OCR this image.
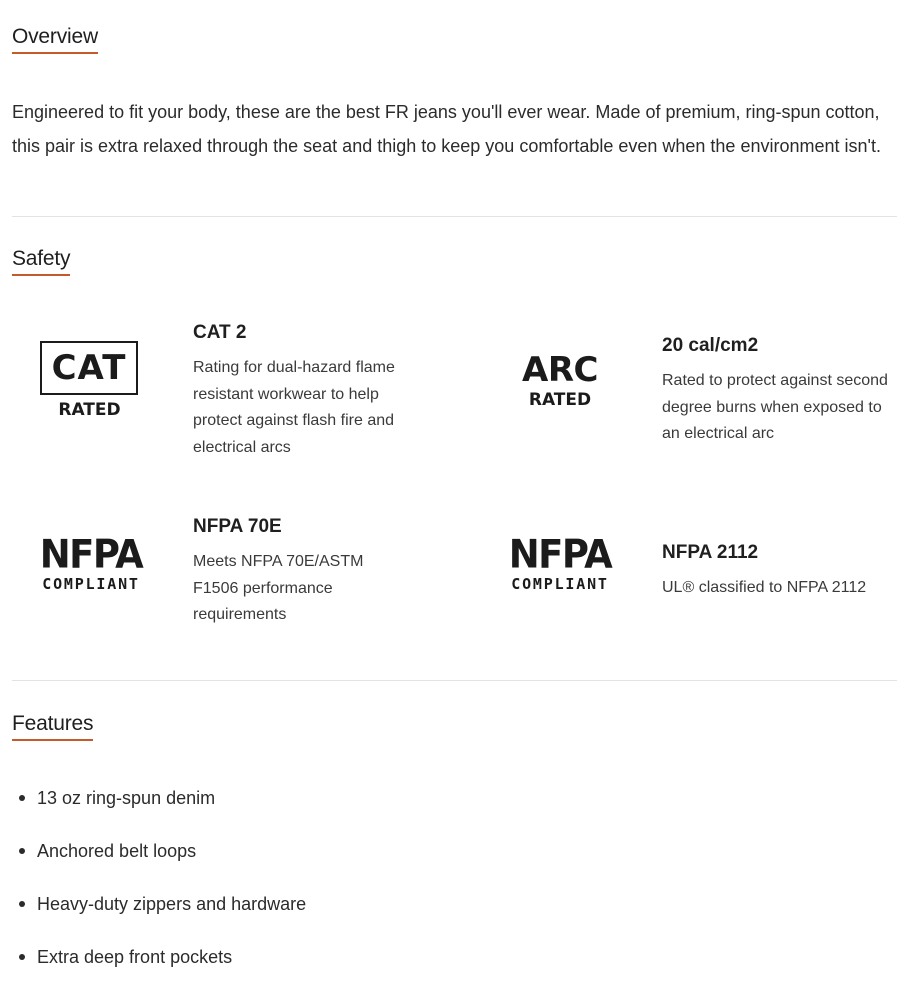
Overview

Engineered to fit your body, these are the best FR jeans you'll ever wear. Made of premium, ring-spun cotton, this pair is extra relaxed through the seat and thigh to keep you comfortable even when the environment isn't.

Safety
CAT
RATED

CAT 2

Rating for dual-hazard flame resistant workwear to help protect against flash fire and electrical arcs

ARC
RATED

20 cal/cm2

Rated to protect against second degree burns when exposed to an electrical arc

NFPA
COMPLIANT

NFPA 70E

Meets NFPA 70E/ASTM F1506 performance requirements

NFPA
COMPLIANT

NFPA 2112

UL® classified to NFPA 2112

Features
13 oz ring-spun denim
Anchored belt loops
Heavy-duty zippers and hardware
Extra deep front pockets
